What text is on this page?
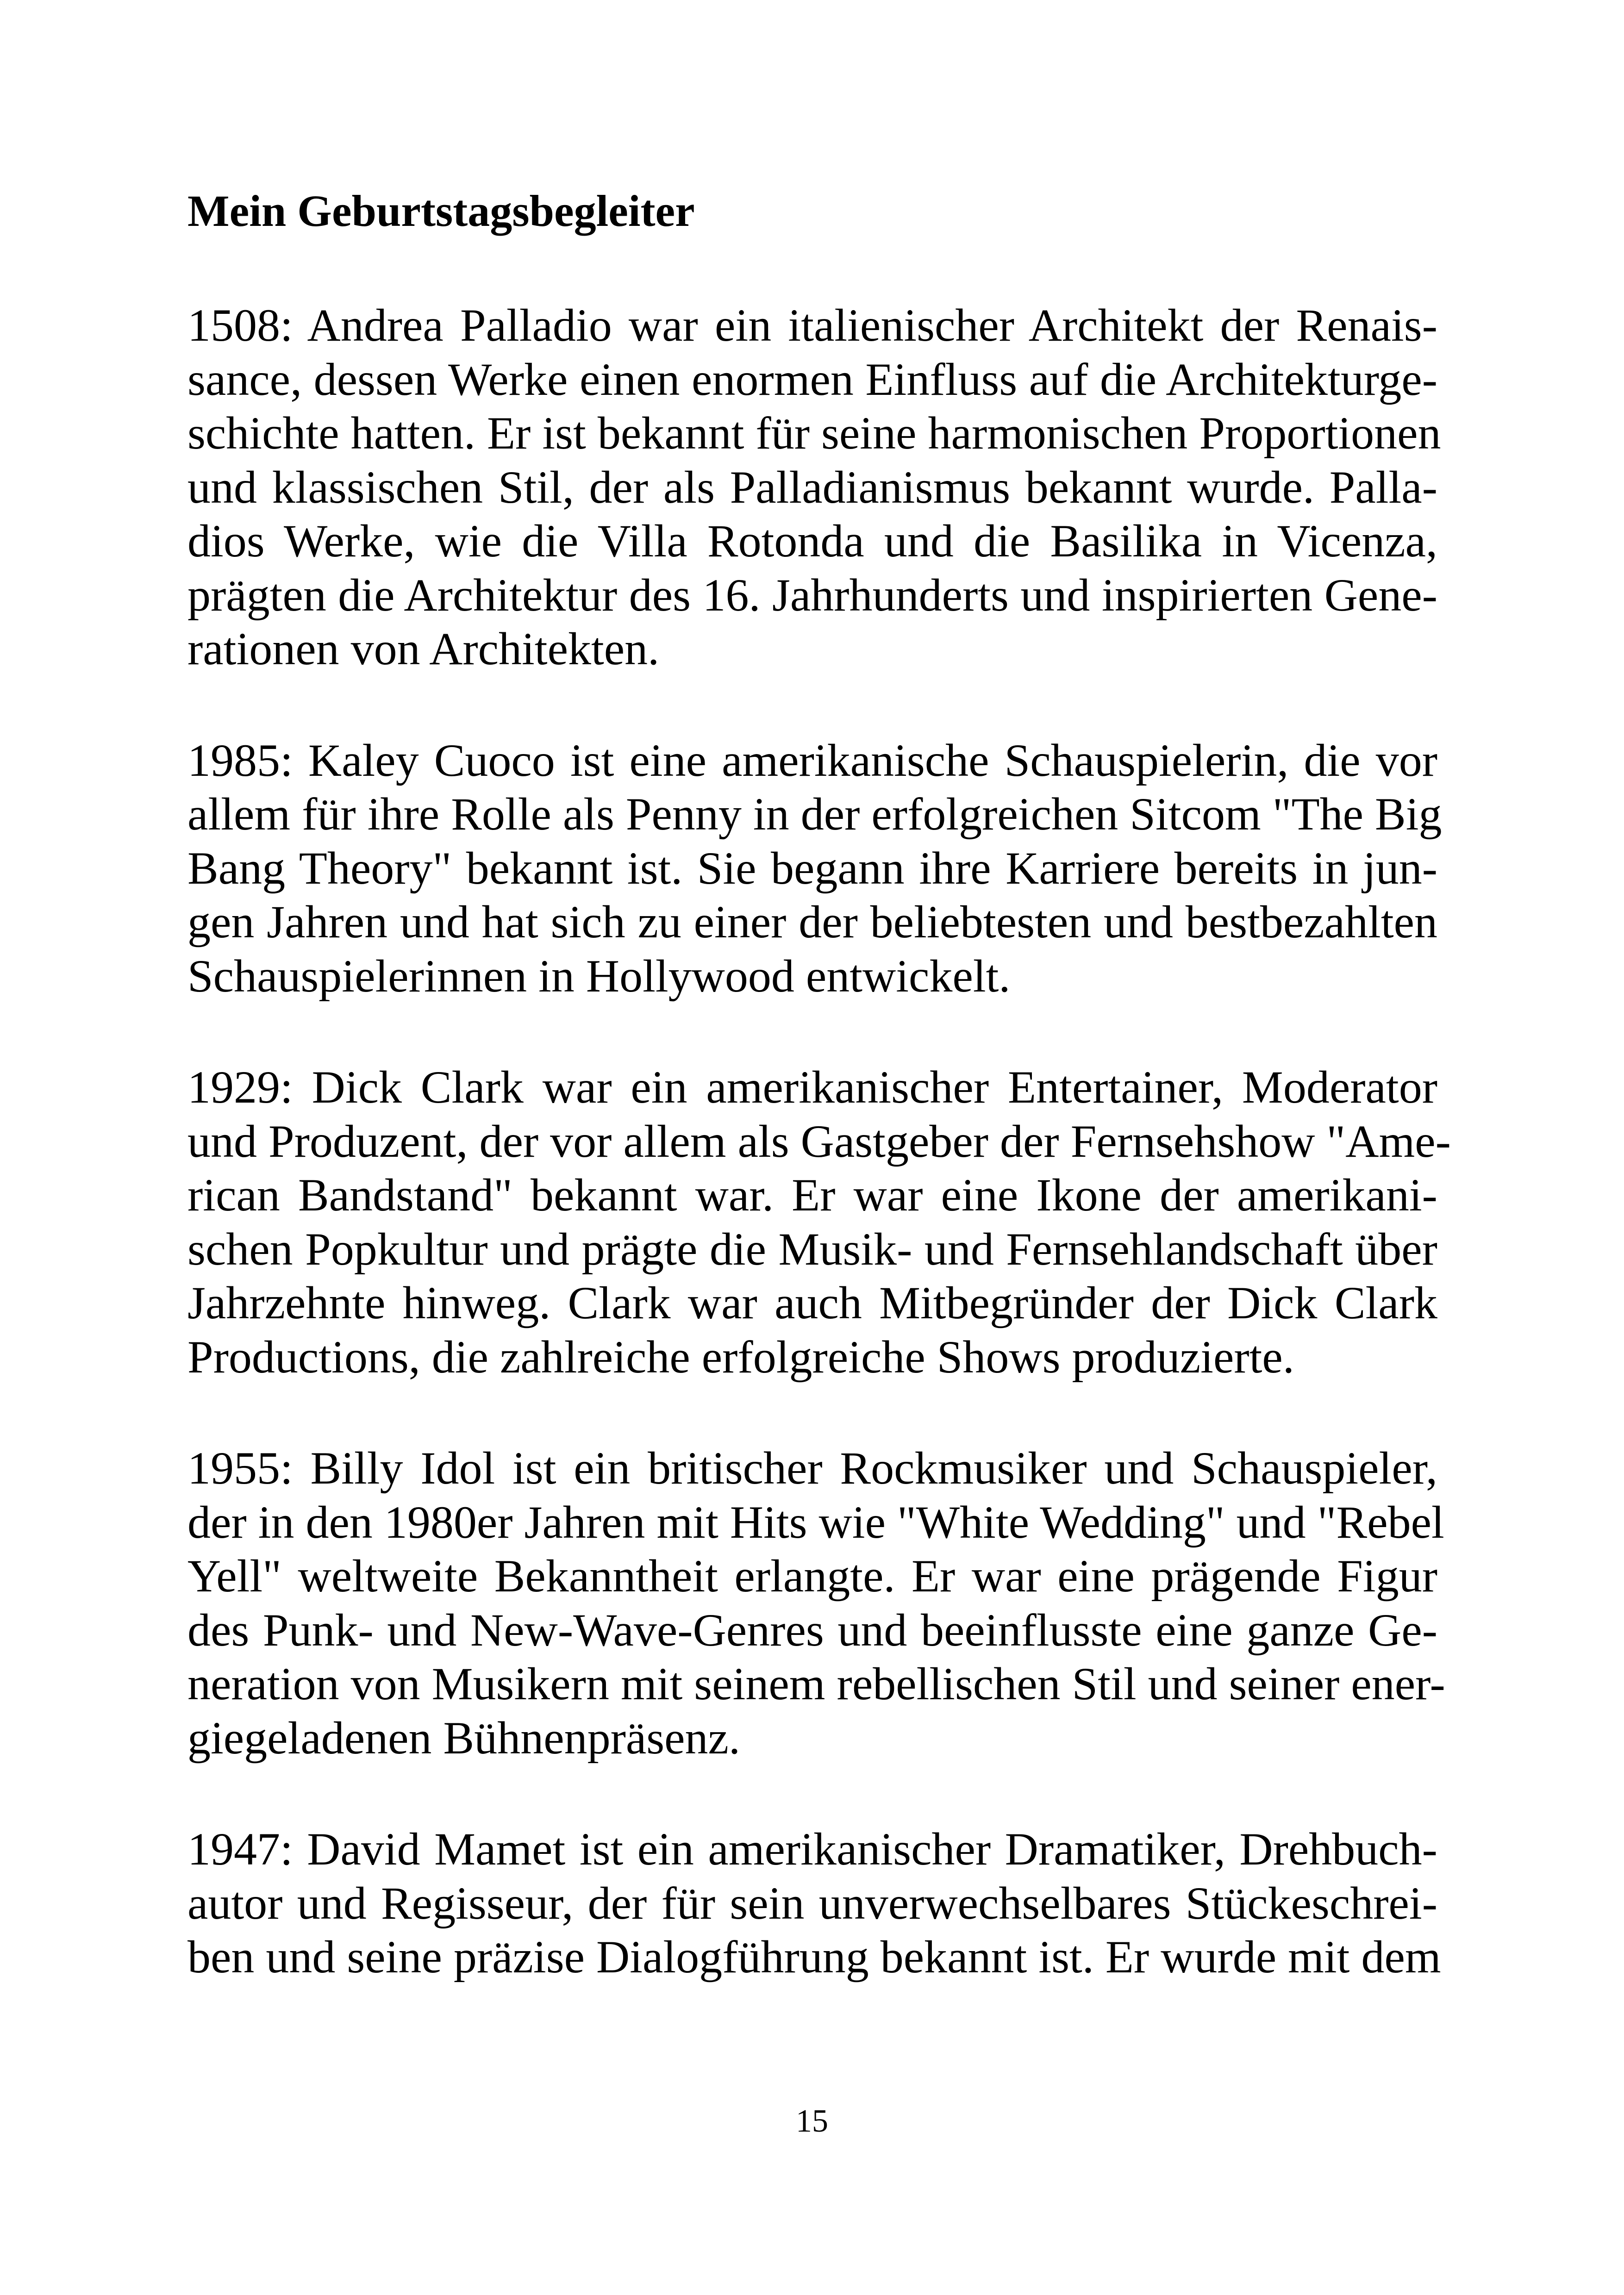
Mein Geburtstagsbegleiter
1508: Andrea Palladio war ein italienischer Architekt der Renais-
sance, dessen Werke einen enormen Einfluss auf die Architekturge-
schichte hatten. Er ist bekannt für seine harmonischen Proportionen
und klassischen Stil, der als Palladianismus bekannt wurde. Palla-
dios Werke, wie die Villa Rotonda und die Basilika in Vicenza,
prägten die Architektur des 16. Jahrhunderts und inspirierten Gene-
rationen von Architekten.
1985: Kaley Cuoco ist eine amerikanische Schauspielerin, die vor
allem für ihre Rolle als Penny in der erfolgreichen Sitcom "The Big
Bang Theory" bekannt ist. Sie begann ihre Karriere bereits in jun-
gen Jahren und hat sich zu einer der beliebtesten und bestbezahlten
Schauspielerinnen in Hollywood entwickelt.
1929: Dick Clark war ein amerikanischer Entertainer, Moderator
und Produzent, der vor allem als Gastgeber der Fernsehshow "Ame-
rican Bandstand" bekannt war. Er war eine Ikone der amerikani-
schen Popkultur und prägte die Musik- und Fernsehlandschaft über
Jahrzehnte hinweg. Clark war auch Mitbegründer der Dick Clark
Productions, die zahlreiche erfolgreiche Shows produzierte.
1955: Billy Idol ist ein britischer Rockmusiker und Schauspieler,
der in den 1980er Jahren mit Hits wie "White Wedding" und "Rebel
Yell" weltweite Bekanntheit erlangte. Er war eine prägende Figur
des Punk- und New-Wave-Genres und beeinflusste eine ganze Ge-
neration von Musikern mit seinem rebellischen Stil und seiner ener-
giegeladenen Bühnenpräsenz.
1947: David Mamet ist ein amerikanischer Dramatiker, Drehbuch-
autor und Regisseur, der für sein unverwechselbares Stückeschrei-
ben und seine präzise Dialogführung bekannt ist. Er wurde mit dem
15
